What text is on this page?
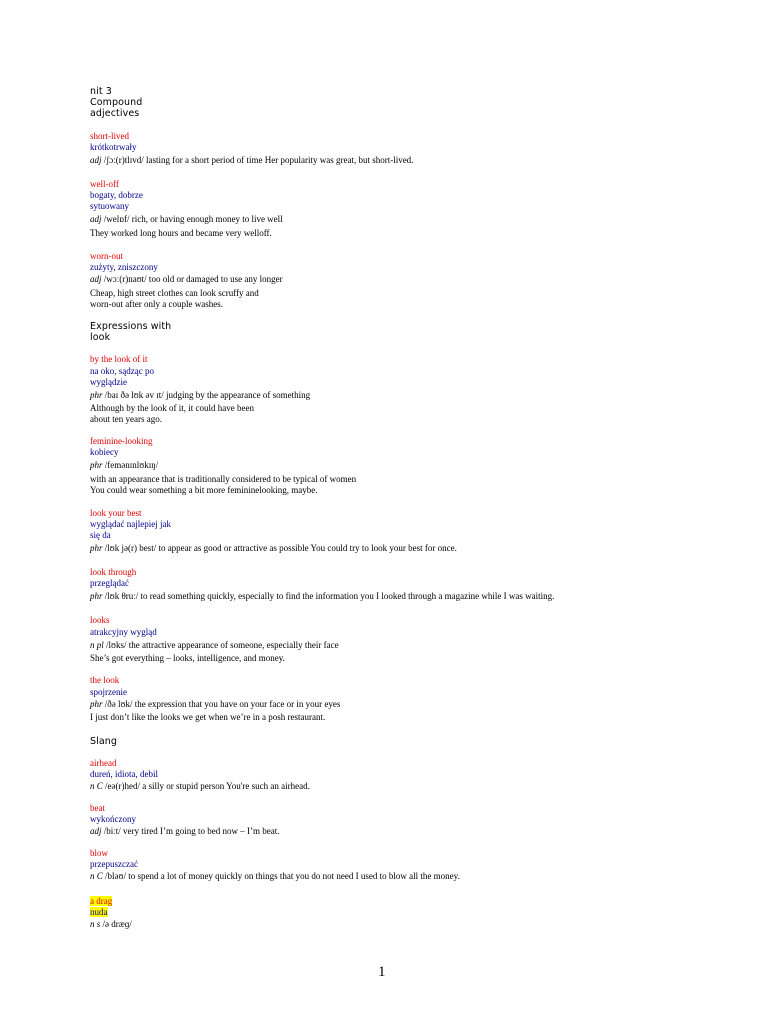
nit 3
Compound
adjectives
short-lived
krótkotrwały
adj /ʃɔː(r)tlɪvd/ lasting for a short period of time Her popularity was great, but short-lived.
well-off
bogaty, dobrze
sytuowany
adj /welɒf/ rich, or having enough money to live well
They worked long hours and became very welloff.
worn-out
zużyty, zniszczony
adj /wɔː(r)naʊt/ too old or damaged to use any longer
Cheap, high street clothes can look scruffy and
worn-out after only a couple washes.
Expressions with
look
by the look of it
na oko, sądząc po
wyglądzie
phr /baɪ ðə lʊk əv ɪt/ judging by the appearance of something
Although by the look of it, it could have been
about ten years ago.
feminine-looking
kobiecy
phr /femənɪnlʊkɪŋ/
with an appearance that is traditionally considered to be typical of women
You could wear something a bit more femininelooking, maybe.
look your best
wyglądać najlepiej jak
się da
phr /lʊk jə(r) best/ to appear as good or attractive as possible You could try to look your best for once.
look through
przeglądać
phr /lʊk θruː/ to read something quickly, especially to find the information you I looked through a magazine while I was waiting.
looks
atrakcyjny wygląd
n pl /lʊks/ the attractive appearance of someone, especially their face
She’s got everything – looks, intelligence, and money.
the look
spojrzenie
phr /ðə lʊk/ the expression that you have on your face or in your eyes
I just don’t like the looks we get when we’re in a posh restaurant.
Slang
airhead
dureń, idiota, debil
n C /eə(r)hed/ a silly or stupid person You're such an airhead.
beat
wykończony
adj /biːt/ very tired I’m going to bed now – I’m beat.
blow
przepuszczać
n C /bləʊ/ to spend a lot of money quickly on things that you do not need I used to blow all the money.
a drag
nuda
n s /ə dræɡ/
1
